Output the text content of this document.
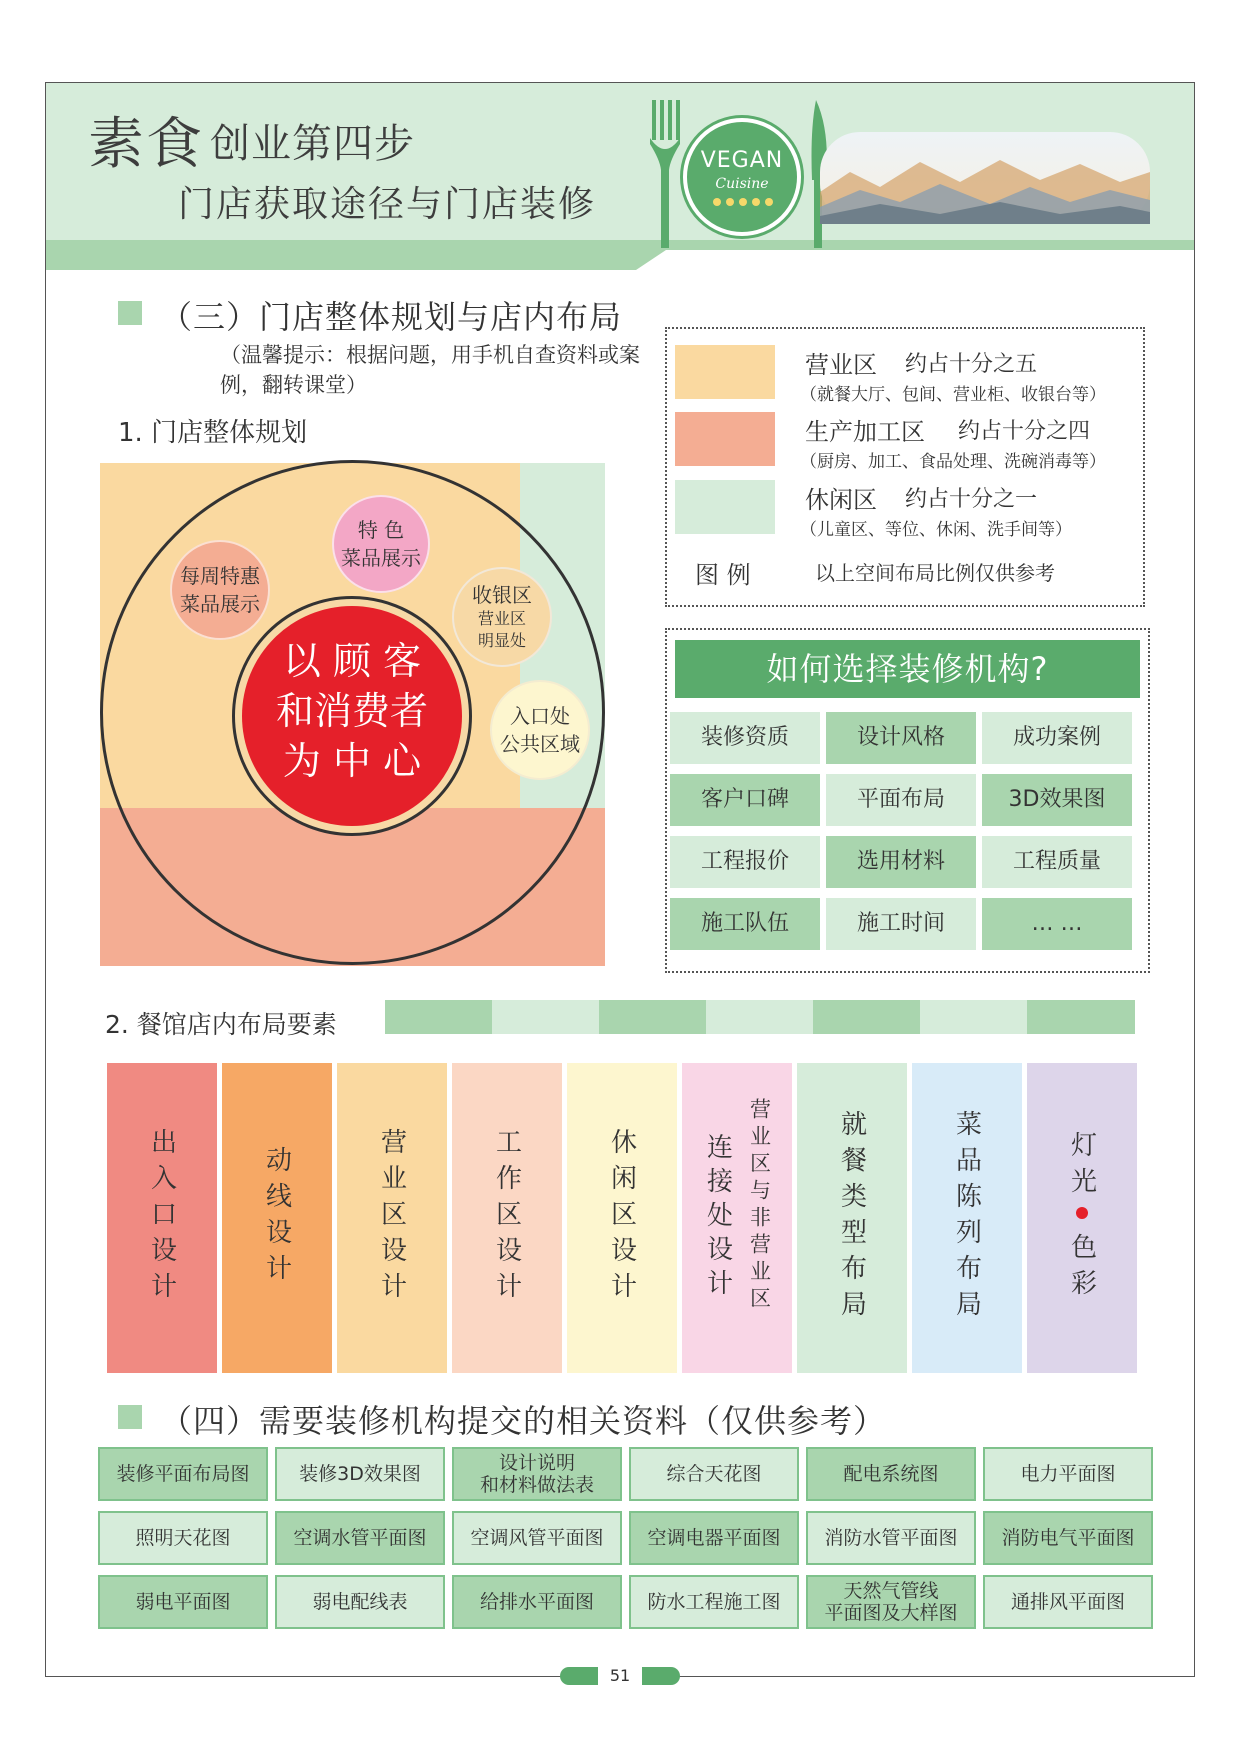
素食 创业第四步
门店获取途径与门店装修
VEGAN
Cuisine
（三）门店整体规划与店内布局
（温馨提示：根据问题，用手机自查资料或案例，翻转课堂）
1. 门店整体规划
以 顾 客
和消费者
为 中 心
每周特惠
菜品展示
特 色
菜品展示
收银区
营业区
明显处
入口处
公共区域
营业区 约占十分之五
（就餐大厅、包间、营业柜、收银台等）
生产加工区 约占十分之四
（厨房、加工、食品处理、洗碗消毒等）
休闲区 约占十分之一
（儿童区、等位、休闲、洗手间等）
图 例	以上空间布局比例仅供参考
如何选择装修机构?
装修资质	设计风格	成功案例
客户口碑	平面布局	3D效果图
工程报价	选用材料	工程质量
施工队伍	施工时间	… …
2. 餐馆店内布局要素
出入口设计	动线设计	营业区设计	工作区设计	休闲区设计	连接处设计 营业区与非营业区	就餐类型布局	菜品陈列布局	灯光
色彩
（四）需要装修机构提交的相关资料（仅供参考）
装修平面布局图	装修3D效果图	设计说明
和材料做法表	综合天花图	配电系统图	电力平面图
照明天花图	空调水管平面图	空调风管平面图	空调电器平面图	消防水管平面图	消防电气平面图
弱电平面图	弱电配线表	给排水平面图	防水工程施工图	天然气管线
平面图及大样图	通排风平面图
51
